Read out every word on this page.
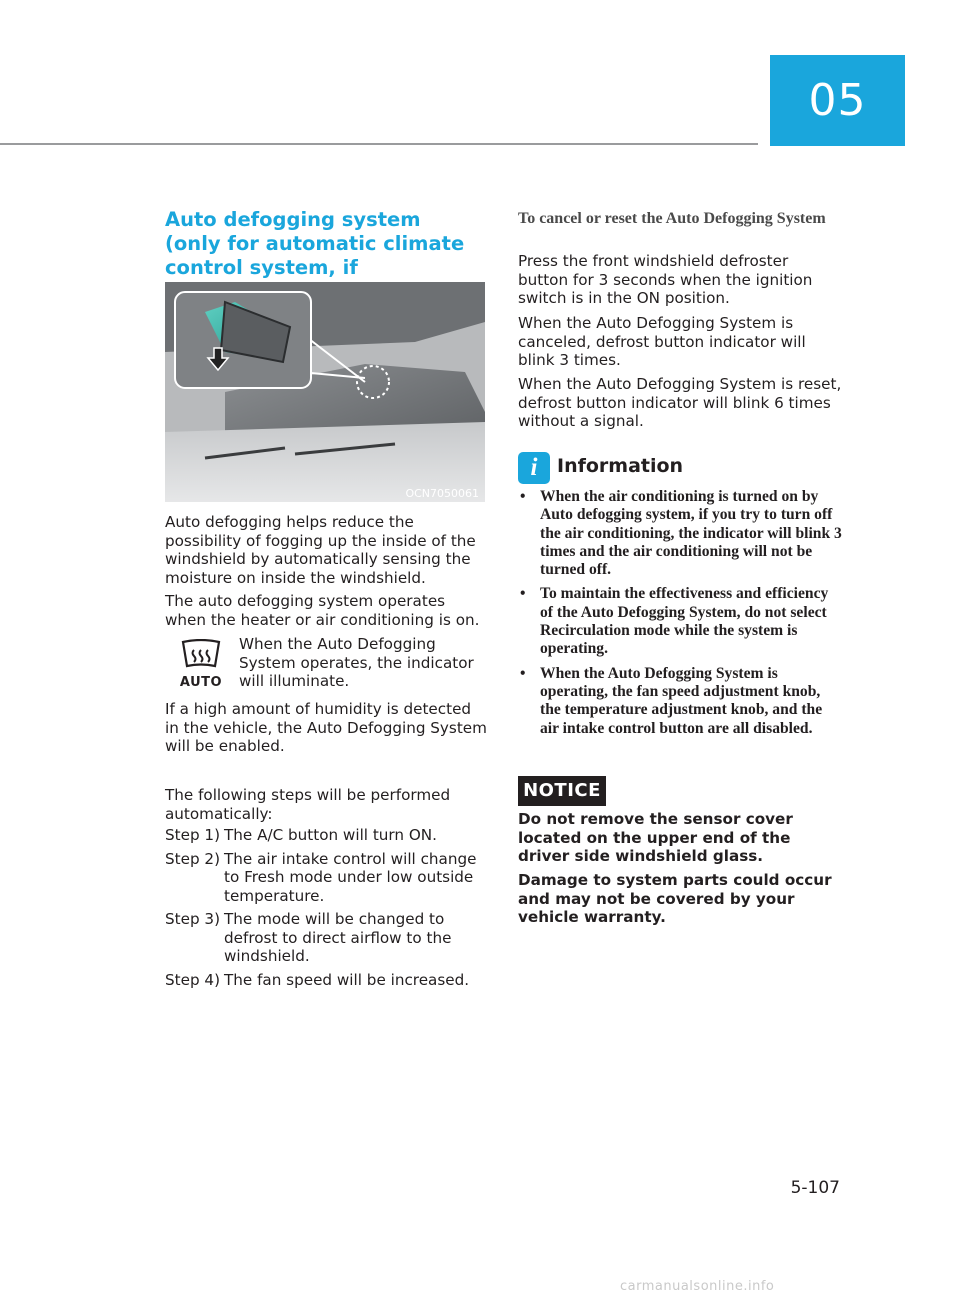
05
Auto defogging system (only for automatic climate control system, if
OCN7050061

Auto defogging helps reduce the possibility of fogging up the inside of the windshield by automatically sensing the moisture on inside the windshield.

The auto defogging system operates when the heater or air conditioning is on.

AUTO

When the Auto Defogging System operates, the indicator will illuminate.

If a high amount of humidity is detected in the vehicle, the Auto Defogging System will be enabled.

The following steps will be performed automatically:

Step 1) The A/C button will turn ON.
Step 2) The air intake control will change to Fresh mode under low outside temperature.
Step 3) The mode will be changed to defrost to direct airflow to the windshield.
Step 4) The fan speed will be increased.
To cancel or reset the Auto Defogging System

Press the front windshield defroster button for 3 seconds when the ignition switch is in the ON position.

When the Auto Defogging System is canceled, defrost button indicator will blink 3 times.

When the Auto Defogging System is reset, defrost button indicator will blink 6 times without a signal.

i	Information
• When the air conditioning is turned on by Auto defogging system, if you try to turn off the air conditioning, the indicator will blink 3 times and the air conditioning will not be turned off.
• To maintain the effectiveness and efficiency of the Auto Defogging System, do not select Recirculation mode while the system is operating.
• When the Auto Defogging System is operating, the fan speed adjustment knob, the temperature adjustment knob, and the air intake control button are all disabled.
NOTICE

Do not remove the sensor cover located on the upper end of the driver side windshield glass.

Damage to system parts could occur and may not be covered by your vehicle warranty.

5-107
carmanualsonline.info
